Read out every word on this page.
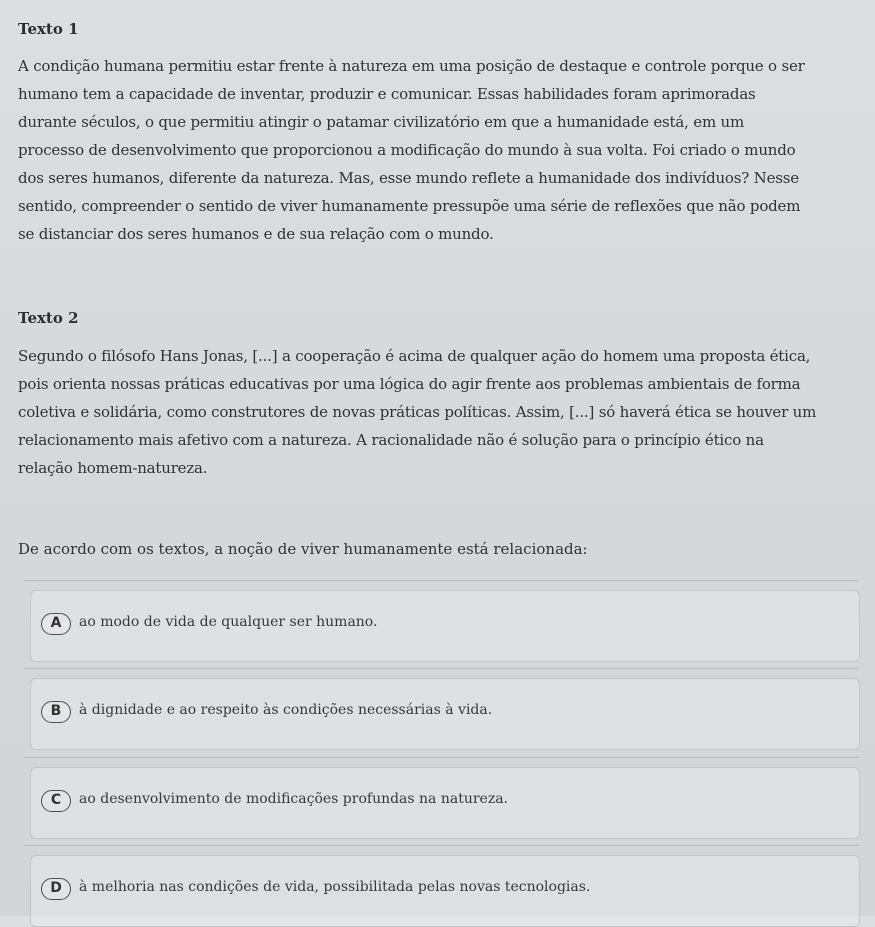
Texto 1
A condição humana permitiu estar frente à natureza em uma posição de destaque e controle porque o ser
humano tem a capacidade de inventar, produzir e comunicar. Essas habilidades foram aprimoradas
durante séculos, o que permitiu atingir o patamar civilizatório em que a humanidade está, em um
processo de desenvolvimento que proporcionou a modificação do mundo à sua volta. Foi criado o mundo
dos seres humanos, diferente da natureza. Mas, esse mundo reflete a humanidade dos indivíduos? Nesse
sentido, compreender o sentido de viver humanamente pressupõe uma série de reflexões que não podem
se distanciar dos seres humanos e de sua relação com o mundo.
Texto 2
Segundo o filósofo Hans Jonas, [...] a cooperação é acima de qualquer ação do homem uma proposta ética,
pois orienta nossas práticas educativas por uma lógica do agir frente aos problemas ambientais de forma
coletiva e solidária, como construtores de novas práticas políticas. Assim, [...] só haverá ética se houver um
relacionamento mais afetivo com a natureza. A racionalidade não é solução para o princípio ético na
relação homem-natureza.
De acordo com os textos, a noção de viver humanamente está relacionada:
A	ao modo de vida de qualquer ser humano.
B	à dignidade e ao respeito às condições necessárias à vida.
C	ao desenvolvimento de modificações profundas na natureza.
D	à melhoria nas condições de vida, possibilitada pelas novas tecnologias.
